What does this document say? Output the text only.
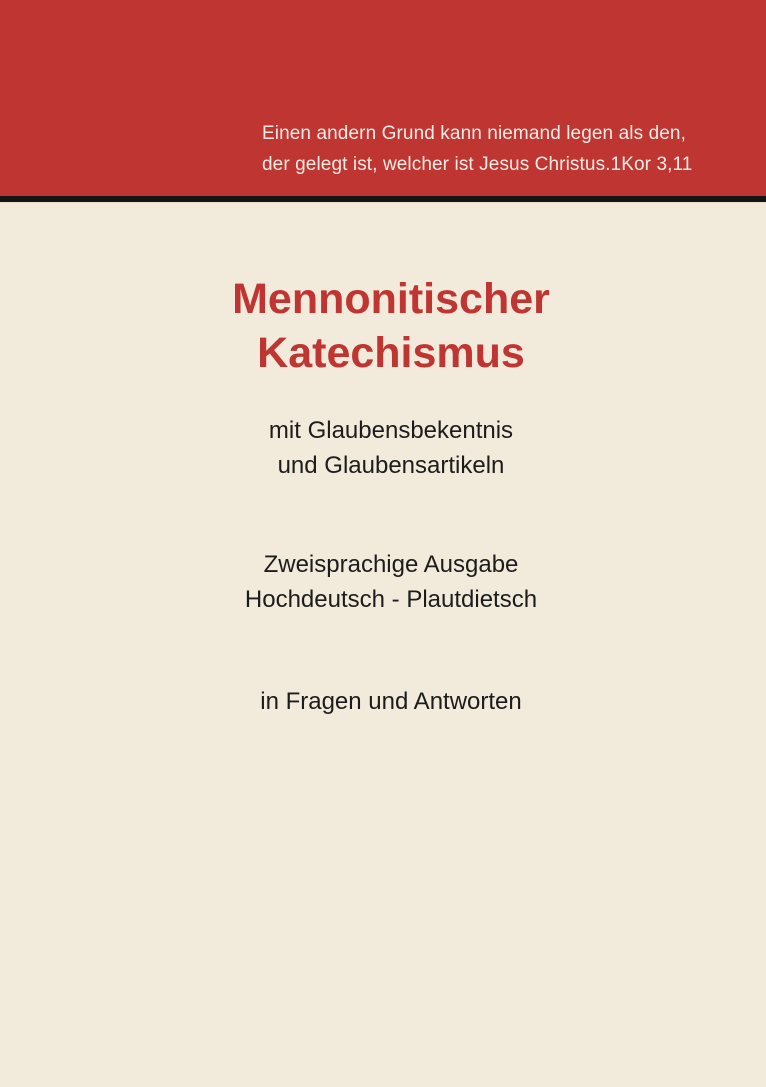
Einen andern Grund kann niemand legen als den,
der gelegt ist, welcher ist Jesus Christus.1Kor 3,11
Mennonitischer
Katechismus
mit Glaubensbekentnis
und Glaubensartikeln
Zweisprachige Ausgabe
Hochdeutsch - Plautdietsch
in Fragen und Antworten
